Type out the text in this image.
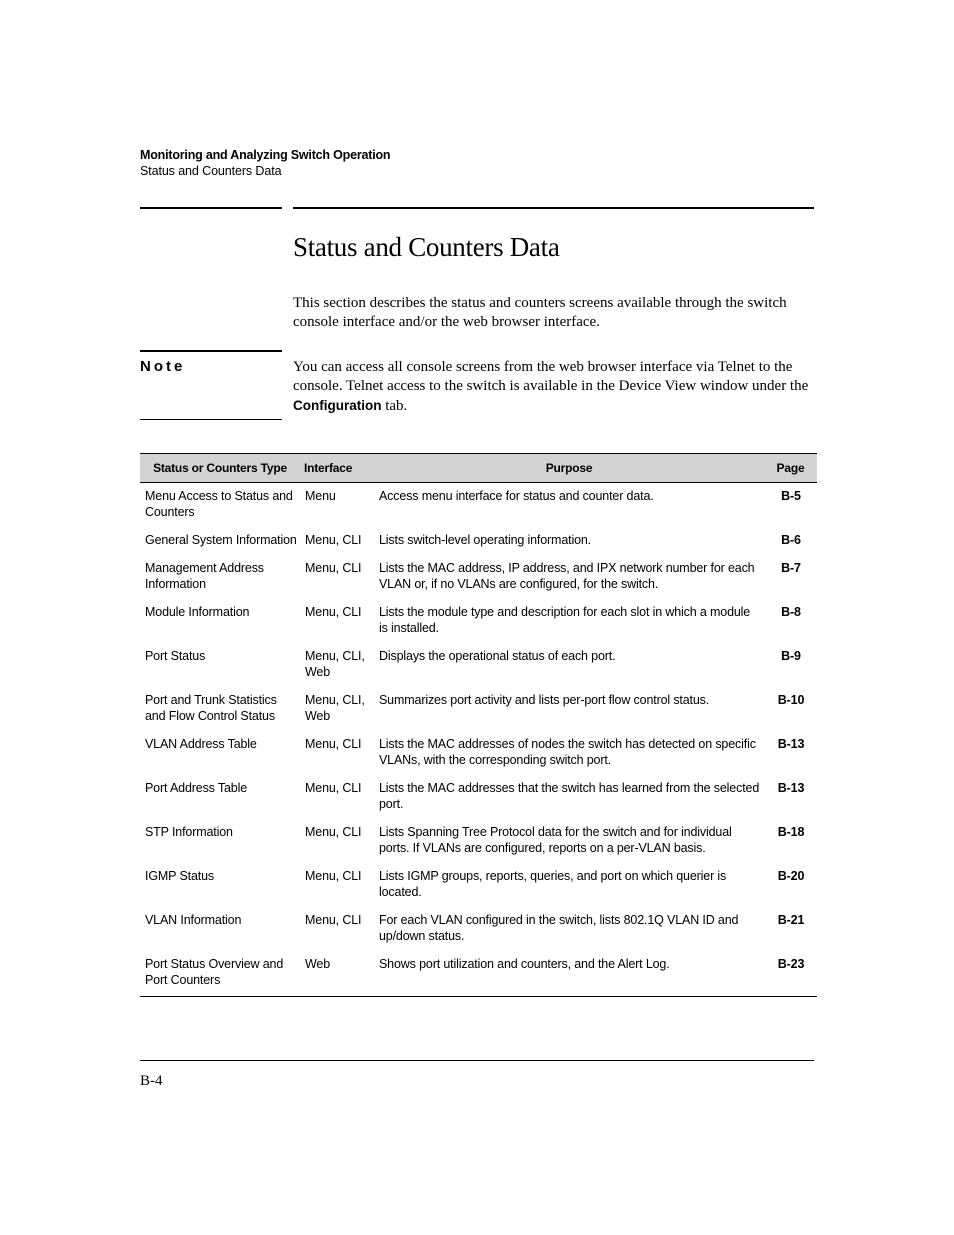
Monitoring and Analyzing Switch Operation
Status and Counters Data
Status and Counters Data
This section describes the status and counters screens available through the switch console interface and/or the web browser interface.
Note	You can access all console screens from the web browser interface via Telnet to the console. Telnet access to the switch is available in the Device View window under the Configuration tab.
Status or Counters Type	Interface	Purpose	Page
Menu Access to Status and Counters	Menu	Access menu interface for status and counter data.	B-5
General System Information	Menu, CLI	Lists switch-level operating information.	B-6
Management Address Information	Menu, CLI	Lists the MAC address, IP address, and IPX network number for each VLAN or, if no VLANs are configured, for the switch.	B-7
Module Information	Menu, CLI	Lists the module type and description for each slot in which a module is installed.	B-8
Port Status	Menu, CLI, Web	Displays the operational status of each port.	B-9
Port and Trunk Statistics and Flow Control Status	Menu, CLI, Web	Summarizes port activity and lists per-port flow control status.	B-10
VLAN Address Table	Menu, CLI	Lists the MAC addresses of nodes the switch has detected on specific VLANs, with the corresponding switch port.	B-13
Port Address Table	Menu, CLI	Lists the MAC addresses that the switch has learned from the selected port.	B-13
STP Information	Menu, CLI	Lists Spanning Tree Protocol data for the switch and for individual ports. If VLANs are configured, reports on a per-VLAN basis.	B-18
IGMP Status	Menu, CLI	Lists IGMP groups, reports, queries, and port on which querier is located.	B-20
VLAN Information	Menu, CLI	For each VLAN configured in the switch, lists 802.1Q VLAN ID and up/down status.	B-21
Port Status Overview and Port Counters	Web	Shows port utilization and counters, and the Alert Log.	B-23
B-4
